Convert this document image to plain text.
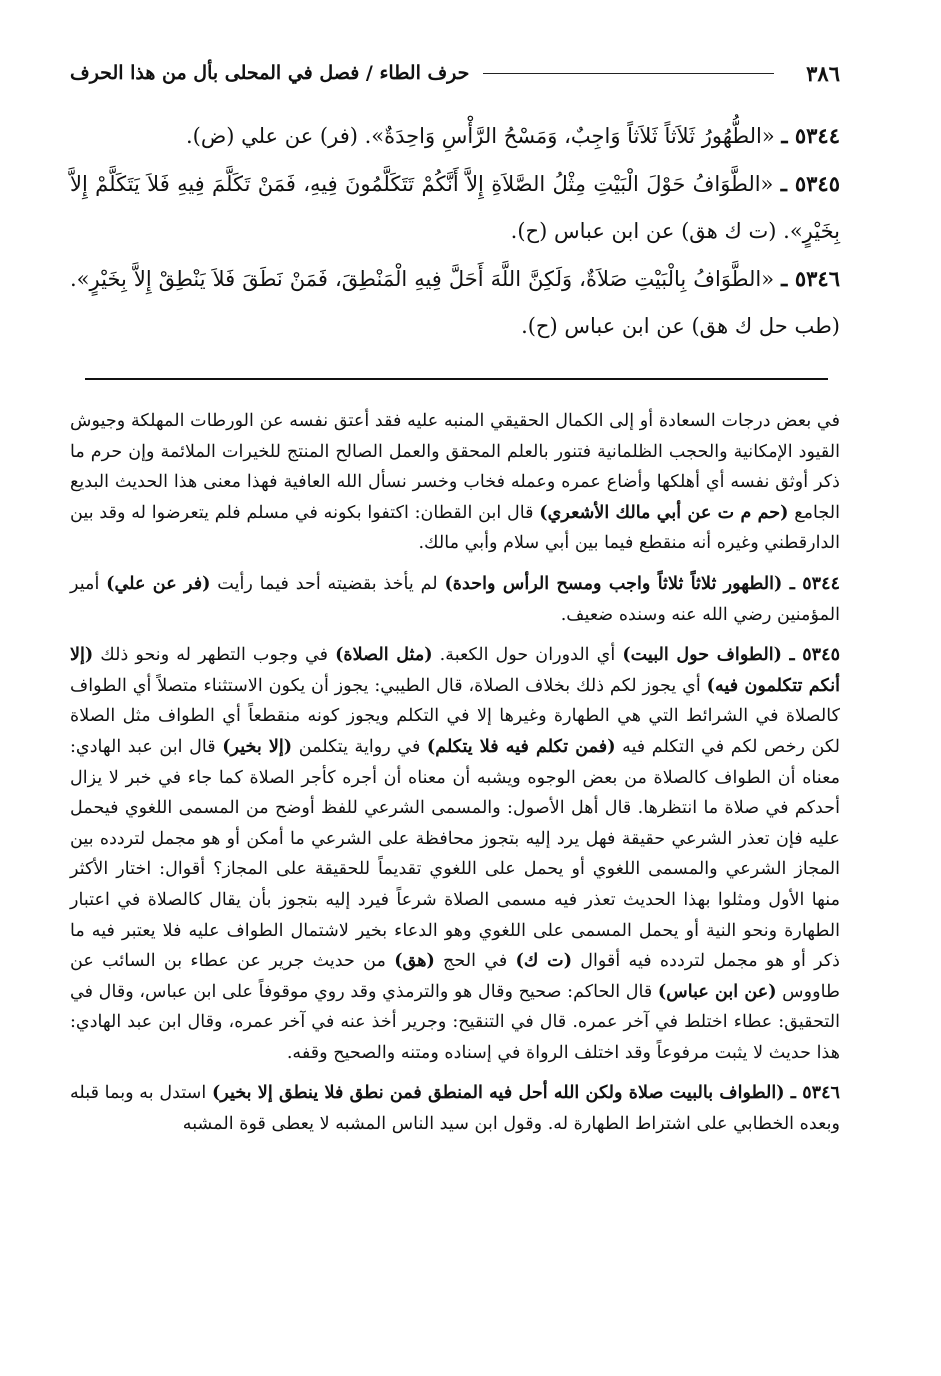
٣٨٦
حرف الطاء / فصل في المحلى بأل من هذا الحرف

٥٣٤٤ ـ «الطُّهُورُ ثَلاَثاً ثَلاَثاً وَاجِبٌ، وَمَسْحُ الرَّأْسِ وَاحِدَةٌ». (فر) عن علي (ض).

٥٣٤٥ ـ «الطَّوَافُ حَوْلَ الْبَيْتِ مِثْلُ الصَّلاَةِ إِلاَّ أَنَّكُمْ تَتَكَلَّمُونَ فِيهِ، فَمَنْ تَكَلَّمَ فِيهِ فَلاَ يَتَكَلَّمْ إِلاَّ بِخَيْرٍ». (ت ك هق) عن ابن عباس (ح).

٥٣٤٦ ـ «الطَّوَافُ بِالْبَيْتِ صَلاَةٌ، وَلَكِنَّ اللَّهَ أَحَلَّ فِيهِ الْمَنْطِقَ، فَمَنْ نَطَقَ فَلاَ يَنْطِقْ إِلاَّ بِخَيْرٍ». (طب حل ك هق) عن ابن عباس (ح).

في بعض درجات السعادة أو إلى الكمال الحقيقي المنبه عليه فقد أعتق نفسه عن الورطات المهلكة وجيوش القيود الإمكانية والحجب الظلمانية فتنور بالعلم المحقق والعمل الصالح المنتج للخيرات الملائمة وإن حرم ما ذكر أوثق نفسه أي أهلكها وأضاع عمره وعمله فخاب وخسر نسأل الله العافية فهذا معنى هذا الحديث البديع الجامع (حم م ت عن أبي مالك الأشعري) قال ابن القطان: اكتفوا بكونه في مسلم فلم يتعرضوا له وقد بين الدارقطني وغيره أنه منقطع فيما بين أبي سلام وأبي مالك.

٥٣٤٤ ـ (الطهور ثلاثاً ثلاثاً واجب ومسح الرأس واحدة) لم يأخذ بقضيته أحد فيما رأيت (فر عن علي) أمير المؤمنين رضي الله عنه وسنده ضعيف.

٥٣٤٥ ـ (الطواف حول البيت) أي الدوران حول الكعبة. (مثل الصلاة) في وجوب التطهر له ونحو ذلك (إلا أنكم تتكلمون فيه) أي يجوز لكم ذلك بخلاف الصلاة، قال الطيبي: يجوز أن يكون الاستثناء متصلاً أي الطواف كالصلاة في الشرائط التي هي الطهارة وغيرها إلا في التكلم ويجوز كونه منقطعاً أي الطواف مثل الصلاة لكن رخص لكم في التكلم فيه (فمن تكلم فيه فلا يتكلم) في رواية يتكلمن (إلا بخير) قال ابن عبد الهادي: معناه أن الطواف كالصلاة من بعض الوجوه ويشبه أن معناه أن أجره كأجر الصلاة كما جاء في خبر لا يزال أحدكم في صلاة ما انتظرها. قال أهل الأصول: والمسمى الشرعي للفظ أوضح من المسمى اللغوي فيحمل عليه فإن تعذر الشرعي حقيقة فهل يرد إليه بتجوز محافظة على الشرعي ما أمكن أو هو مجمل لتردده بين المجاز الشرعي والمسمى اللغوي أو يحمل على اللغوي تقديماً للحقيقة على المجاز؟ أقوال: اختار الأكثر منها الأول ومثلوا بهذا الحديث تعذر فيه مسمى الصلاة شرعاً فيرد إليه بتجوز بأن يقال كالصلاة في اعتبار الطهارة ونحو النية أو يحمل المسمى على اللغوي وهو الدعاء بخير لاشتمال الطواف عليه فلا يعتبر فيه ما ذكر أو هو مجمل لتردده فيه أقوال (ت ك) في الحج (هق) من حديث جرير عن عطاء بن السائب عن طاووس (عن ابن عباس) قال الحاكم: صحيح وقال هو والترمذي وقد روي موقوفاً على ابن عباس، وقال في التحقيق: عطاء اختلط في آخر عمره. قال في التنقيح: وجرير أخذ عنه في آخر عمره، وقال ابن عبد الهادي: هذا حديث لا يثبت مرفوعاً وقد اختلف الرواة في إسناده ومتنه والصحيح وقفه.

٥٣٤٦ ـ (الطواف بالبيت صلاة ولكن الله أحل فيه المنطق فمن نطق فلا ينطق إلا بخير) استدل به وبما قبله وبعده الخطابي على اشتراط الطهارة له. وقول ابن سيد الناس المشبه لا يعطى قوة المشبه
